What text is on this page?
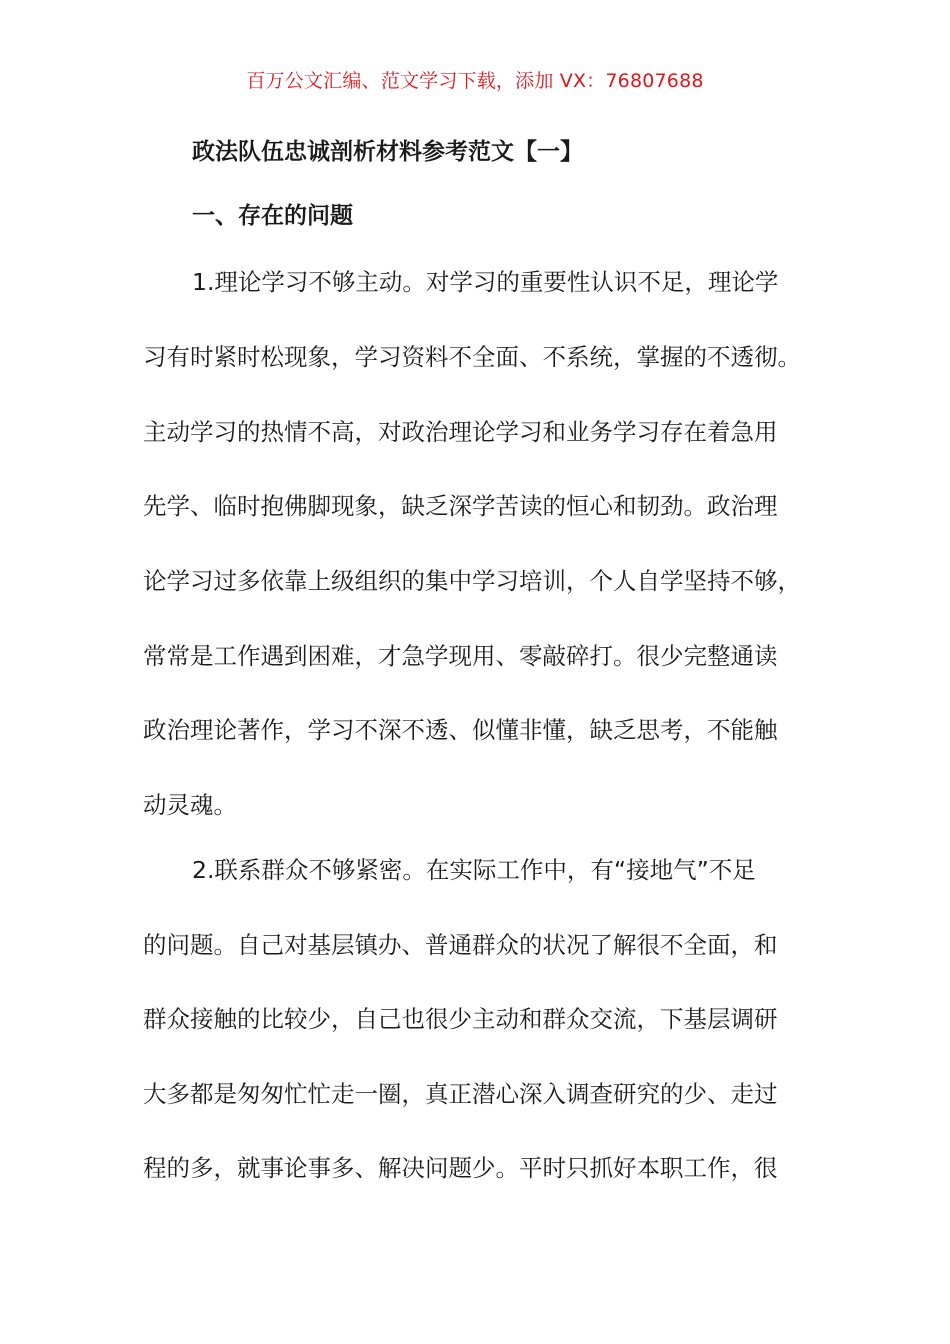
百万公文汇编、范文学习下载，添加 VX：76807688
政法队伍忠诚剖析材料参考范文【一】
一、存在的问题
1.理论学习不够主动。对学习的重要性认识不足，理论学
习有时紧时松现象，学习资料不全面、不系统，掌握的不透彻。
主动学习的热情不高，对政治理论学习和业务学习存在着急用
先学、临时抱佛脚现象，缺乏深学苦读的恒心和韧劲。政治理
论学习过多依靠上级组织的集中学习培训，个人自学坚持不够，
常常是工作遇到困难，才急学现用、零敲碎打。很少完整通读
政治理论著作，学习不深不透、似懂非懂，缺乏思考，不能触
动灵魂。
2.联系群众不够紧密。在实际工作中，有“接地气”不足
的问题。自己对基层镇办、普通群众的状况了解很不全面，和
群众接触的比较少，自己也很少主动和群众交流，下基层调研
大多都是匆匆忙忙走一圈，真正潜心深入调查研究的少、走过
程的多，就事论事多、解决问题少。平时只抓好本职工作，很
